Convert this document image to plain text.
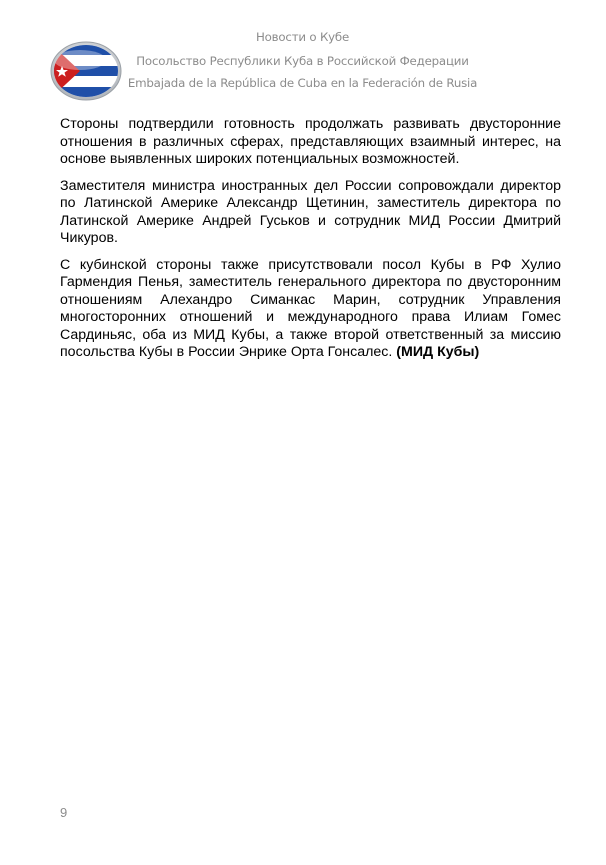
Новости о Кубе
Посольство Республики Куба в Российской Федерации
Embajada de la República de Cuba en la Federación de Rusia

Стороны подтвердили готовность продолжать развивать двусторонние отношения в различных сферах, представляющих взаимный интерес, на основе выявленных широких потенциальных возможностей.

Заместителя министра иностранных дел России сопровождали директор по Латинской Америке Александр Щетинин, заместитель директора по Латинской Америке Андрей Гуськов и сотрудник МИД России Дмитрий Чикуров.

С кубинской стороны также присутствовали посол Кубы в РФ Хулио Гармендия Пенья, заместитель генерального директора по двусторонним отношениям Алехандро Симанкас Марин, сотрудник Управления многосторонних отношений и международного права Илиам Гомес Сардиньяс, оба из МИД Кубы, а также второй ответственный за миссию посольства Кубы в России Энрике Орта Гонсалес. (МИД Кубы)

9
